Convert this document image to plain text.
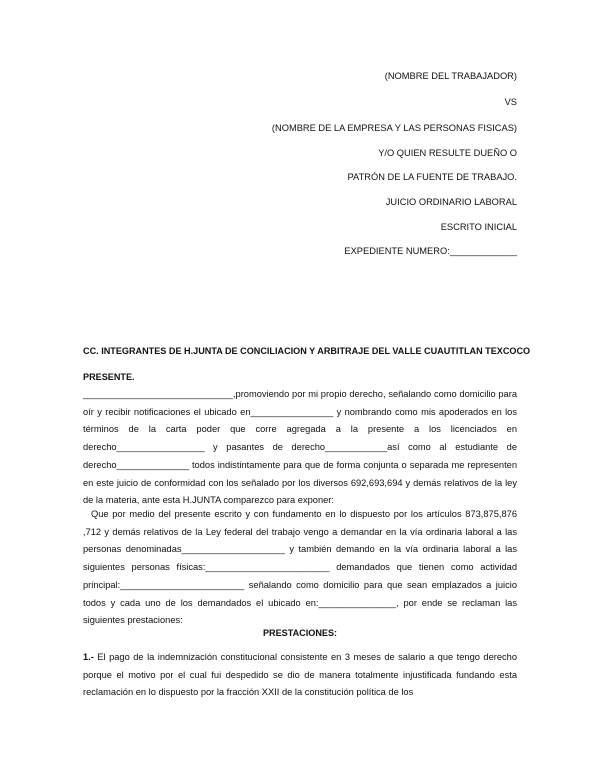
(NOMBRE DEL TRABAJADOR)
VS
(NOMBRE DE LA EMPRESA Y LAS PERSONAS FISICAS)
Y/O QUIEN RESULTE DUEÑO O
PATRÓN DE LA FUENTE DE TRABAJO.
JUICIO ORDINARIO LABORAL
ESCRITO INICIAL
EXPEDIENTE NUMERO:_____________
CC. INTEGRANTES DE H.JUNTA DE CONCILIACION Y ARBITRAJE DEL VALLE CUAUTITLAN TEXCOCO
PRESENTE.

_____________________________,promoviendo por mi propio derecho, señalando como domicilio para oír y recibir notificaciones el ubicado en________________ y nombrando como mis apoderados en los términos de la carta poder que corre agregada a la presente a los licenciados en derecho_________________ y pasantes de derecho____________así como al estudiante de derecho______________ todos indistintamente para que de forma conjunta o separada me representen en este juicio de conformidad con los señalado por los diversos 692,693,694 y demás relativos de la ley de la materia, ante esta H.JUNTA comparezco para exponer:

Que por medio del presente escrito y con fundamento en lo dispuesto por los artículos 873,875,876 ,712 y demás relativos de la Ley federal del trabajo vengo a demandar en la vía ordinaria laboral a las personas denominadas____________________ y también demando en la vía ordinaria laboral a las siguientes personas físicas:________________________ demandados que tienen como actividad principal:________________________ señalando como domicilio para que sean emplazados a juicio todos y cada uno de los demandados el ubicado en:_______________, por ende se reclaman las siguientes prestaciones:

PRESTACIONES:

1.- El pago de la indemnización constitucional consistente en 3 meses de salario a que tengo derecho porque el motivo por el cual fui despedido se dio de manera totalmente injustificada fundando esta reclamación en lo dispuesto por la fracción XXII de la constitución política de los
